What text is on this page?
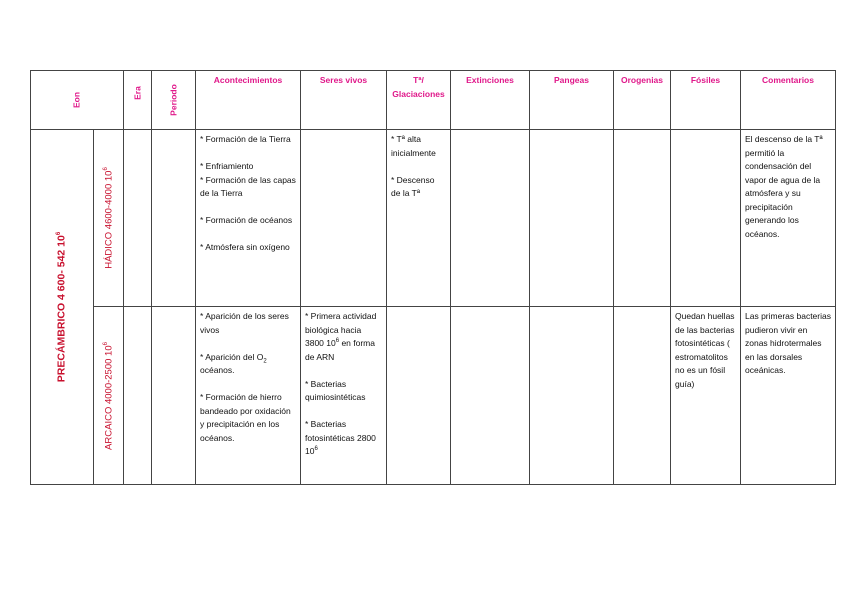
Eon		Era	Periodo	Acontecimientos	Seres vivos	Tª/ Glaciaciones	Extinciones	Pangeas	Orogenias	Fósiles	Comentarios

PRECÁMBRICO 4 600- 542 $10^6$	HÁDICO 4600-4000 $10^6$			* Formación de la Tierra

* Enfriamiento
* Formación de las capas de la Tierra

* Formación de océanos

* Atmósfera sin oxígeno		* Tª alta inicialmente

* Descenso de la Tª					El descenso de la Tª permitió la condensación del vapor de agua de la atmósfera y su precipitación generando los océanos.

	ARCAICO 4000-2500 $10^6$			* Aparición de los seres vivos

* Aparición del $O_2$ océanos.

* Formación de hierro bandeado por oxidación y precipitación en los océanos.	* Primera actividad biológica hacia 3800 $10^6$ en forma de ARN

* Bacterias quimiosintéticas

* Bacterias fotosintéticas 2800 $10^6$					Quedan huellas de las bacterias fotosintéticas ( estromatolitos
no es un fósil guía)	Las primeras bacterias pudieron vivir en zonas hidrotermales en las dorsales oceánicas.
